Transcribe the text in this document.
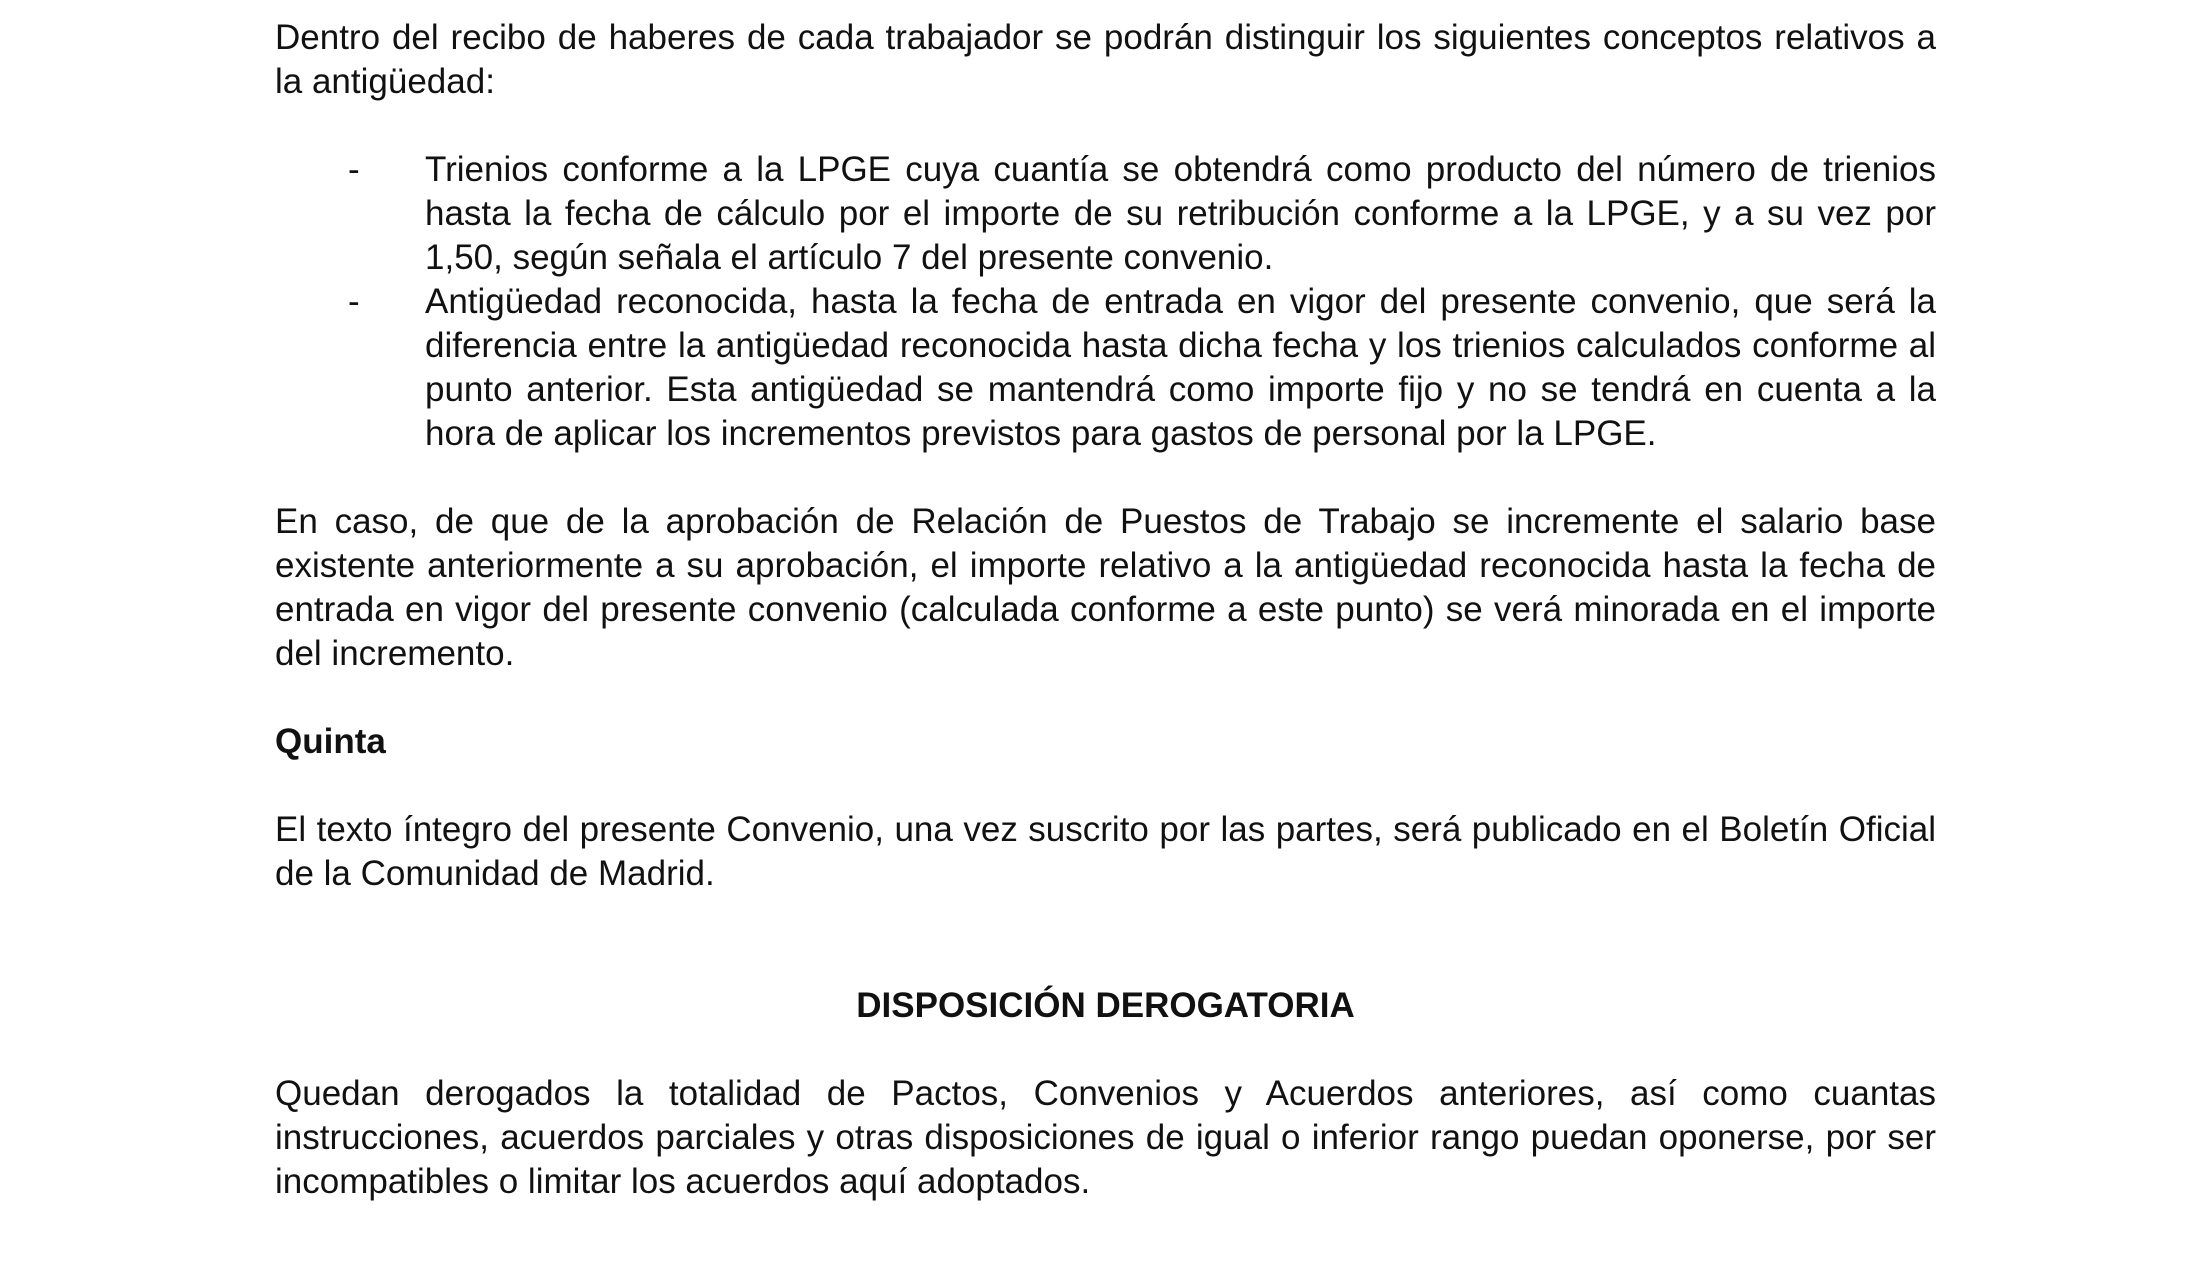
Dentro del recibo de haberes de cada trabajador se podrán distinguir los siguientes conceptos relativos a la antigüedad:

- Trienios conforme a la LPGE cuya cuantía se obtendrá como producto del número de trienios hasta la fecha de cálculo por el importe de su retribución conforme a la LPGE, y a su vez por 1,50, según señala el artículo 7 del presente convenio.
- Antigüedad reconocida, hasta la fecha de entrada en vigor del presente convenio, que será la diferencia entre la antigüedad reconocida hasta dicha fecha y los trienios calculados conforme al punto anterior. Esta antigüedad se mantendrá como importe fijo y no se tendrá en cuenta a la hora de aplicar los incrementos previstos para gastos de personal por la LPGE.

En caso, de que de la aprobación de Relación de Puestos de Trabajo se incremente el salario base existente anteriormente a su aprobación, el importe relativo a la antigüedad reconocida hasta la fecha de entrada en vigor del presente convenio (calculada conforme a este punto) se verá minorada en el importe del incremento.

Quinta

El texto íntegro del presente Convenio, una vez suscrito por las partes, será publicado en el Boletín Oficial de la Comunidad de Madrid.

DISPOSICIÓN DEROGATORIA

Quedan derogados la totalidad de Pactos, Convenios y Acuerdos anteriores, así como cuantas instrucciones, acuerdos parciales y otras disposiciones de igual o inferior rango puedan oponerse, por ser incompatibles o limitar los acuerdos aquí adoptados.
